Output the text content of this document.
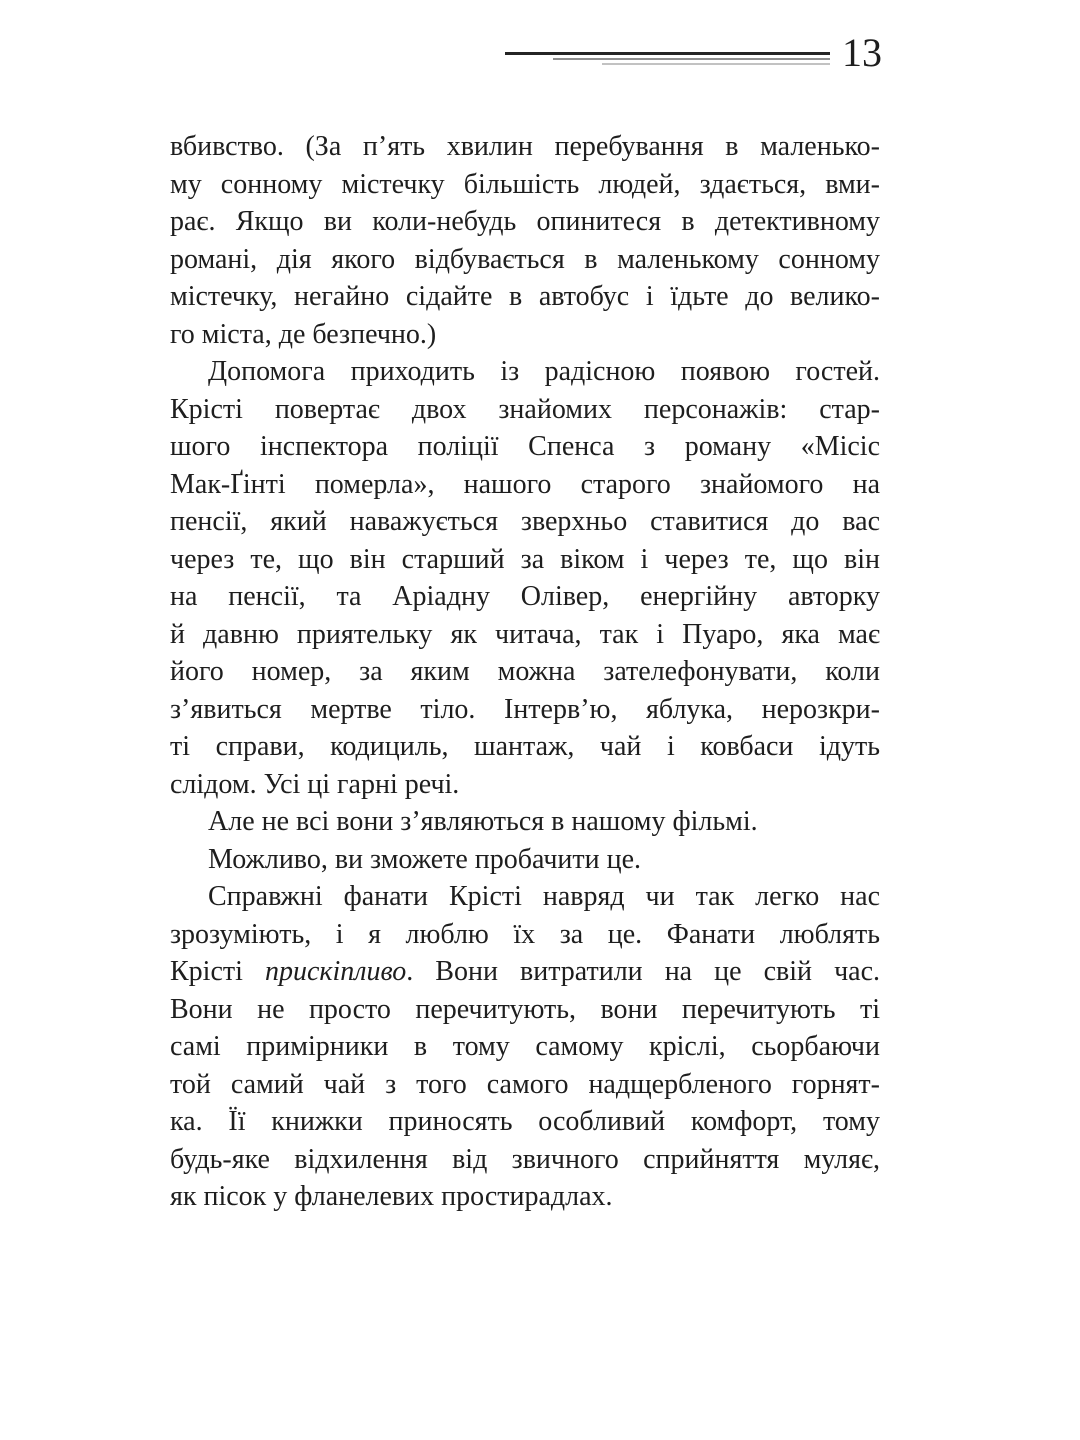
13
вбивство. (За п’ять хвилин перебування в маленько-
му сонному містечку більшість людей, здається, вми-
рає. Якщо ви коли-небудь опинитеся в детективному
романі, дія якого відбувається в маленькому сонному
містечку, негайно сідайте в автобус і їдьте до велико-
го міста, де безпечно.)
Допомога приходить із радісною появою гостей.
Крісті повертає двох знайомих персонажів: стар-
шого інспектора поліції Спенса з роману «Місіс
Мак-Ґінті померла», нашого старого знайомого на
пенсії, який наважується зверхньо ставитися до вас
через те, що він старший за віком і через те, що він
на пенсії, та Аріадну Олівер, енергійну авторку
й давню приятельку як читача, так і Пуаро, яка має
його номер, за яким можна зателефонувати, коли
з’явиться мертве тіло. Інтерв’ю, яблука, нерозкри-
ті справи, кодициль, шантаж, чай і ковбаси ідуть
слідом. Усі ці гарні речі.
Але не всі вони з’являються в нашому фільмі.
Можливо, ви зможете пробачити це.
Справжні фанати Крісті навряд чи так легко нас
зрозуміють, і я люблю їх за це. Фанати люблять
Крісті прискіпливо. Вони витратили на це свій час.
Вони не просто перечитують, вони перечитують ті
самі примірники в тому самому кріслі, сьорбаючи
той самий чай з того самого надщербленого горнят-
ка. Її книжки приносять особливий комфорт, тому
будь-яке відхилення від звичного сприйняття муляє,
як пісок у фланелевих простирадлах.
